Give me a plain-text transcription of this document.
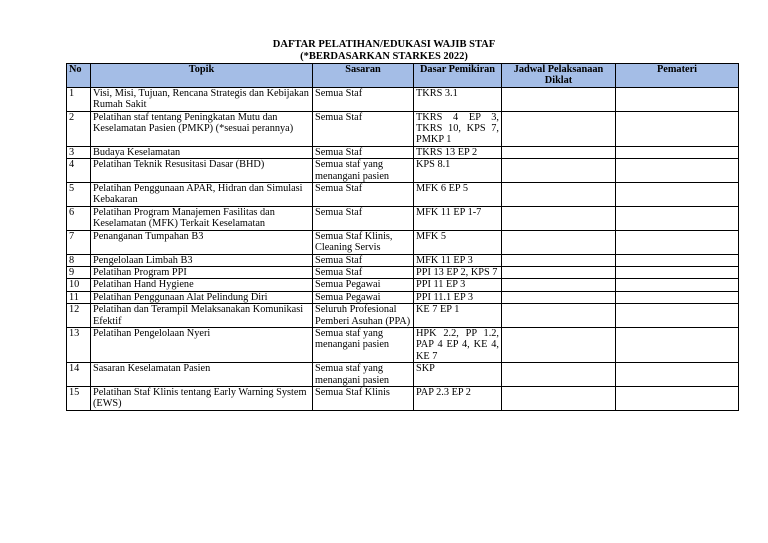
DAFTAR PELATIHAN/EDUKASI WAJIB STAF
(*BERDASARKAN STARKES 2022)
No	Topik	Sasaran	Dasar Pemikiran	Jadwal Pelaksanaan Diklat	Pemateri
1	Visi, Misi, Tujuan, Rencana Strategis dan Kebijakan Rumah Sakit	Semua Staf	TKRS 3.1		
2	Pelatihan staf tentang Peningkatan Mutu dan Keselamatan Pasien (PMKP) (*sesuai perannya)	Semua Staf	TKRS 4 EP 3, TKRS 10, KPS 7, PMKP 1		
3	Budaya Keselamatan	Semua Staf	TKRS 13 EP 2		
4	Pelatihan Teknik Resusitasi Dasar (BHD)	Semua staf yang menangani pasien	KPS 8.1		
5	Pelatihan Penggunaan APAR, Hidran dan Simulasi Kebakaran	Semua Staf	MFK 6 EP 5		
6	Pelatihan Program Manajemen Fasilitas dan Keselamatan (MFK) Terkait Keselamatan	Semua Staf	MFK 11 EP 1-7		
7	Penanganan Tumpahan B3	Semua Staf Klinis, Cleaning Servis	MFK 5		
8	Pengelolaan Limbah B3	Semua Staf	MFK 11 EP 3		
9	Pelatihan Program PPI	Semua Staf	PPI 13 EP 2, KPS 7		
10	Pelatihan Hand Hygiene	Semua Pegawai	PPI 11 EP 3		
11	Pelatihan Penggunaan Alat Pelindung Diri	Semua Pegawai	PPI 11.1 EP 3		
12	Pelatihan dan Terampil Melaksanakan Komunikasi Efektif	Seluruh Profesional Pemberi Asuhan (PPA)	KE 7 EP 1		
13	Pelatihan Pengelolaan Nyeri	Semua staf yang menangani pasien	HPK 2.2, PP 1.2, PAP 4 EP 4, KE 4, KE 7		
14	Sasaran Keselamatan Pasien	Semua staf yang menangani pasien	SKP		
15	Pelatihan Staf Klinis tentang Early Warning System (EWS)	Semua Staf Klinis	PAP 2.3 EP 2		
